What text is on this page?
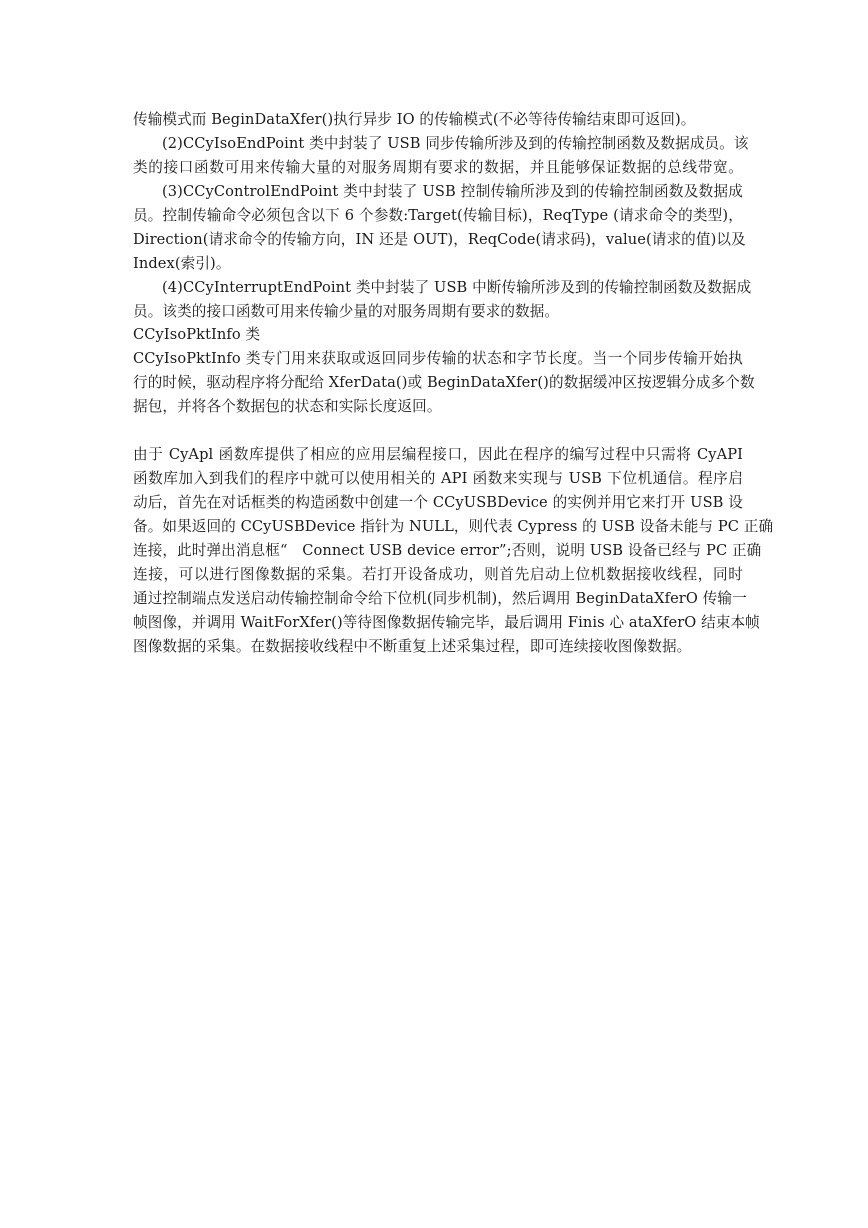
传输模式而 BeginDataXfer()执行异步 IO 的传输模式(不必等待传输结束即可返回)。
(2)CCyIsoEndPoint 类中封装了 USB 同步传输所涉及到的传输控制函数及数据成员。该
类的接口函数可用来传输大量的对服务周期有要求的数据，并且能够保证数据的总线带宽。
(3)CCyControlEndPoint 类中封装了 USB 控制传输所涉及到的传输控制函数及数据成
员。控制传输命令必须包含以下 6 个参数:Target(传输目标)，ReqType (请求命令的类型)，
Direction(请求命令的传输方向，IN 还是 OUT)，ReqCode(请求码)，value(请求的值)以及
Index(索引)。
(4)CCyInterruptEndPoint 类中封装了 USB 中断传输所涉及到的传输控制函数及数据成
员。该类的接口函数可用来传输少量的对服务周期有要求的数据。
CCyIsoPktInfo 类
CCyIsoPktInfo 类专门用来获取或返回同步传输的状态和字节长度。当一个同步传输开始执
行的时候，驱动程序将分配给 XferData()或 BeginDataXfer()的数据缓冲区按逻辑分成多个数
据包，并将各个数据包的状态和实际长度返回。
由于 CyApl 函数库提供了相应的应用层编程接口，因此在程序的编写过程中只需将 CyAPI
函数库加入到我们的程序中就可以使用相关的 API 函数来实现与 USB 下位机通信。程序启
动后，首先在对话框类的构造函数中创建一个 CCyUSBDevice 的实例并用它来打开 USB 设
备。如果返回的 CCyUSBDevice 指针为 NULL，则代表 Cypress 的 USB 设备未能与 PC 正确
连接，此时弹出消息框“　Connect USB device error”;否则，说明 USB 设备已经与 PC 正确
连接，可以进行图像数据的采集。若打开设备成功，则首先启动上位机数据接收线程，同时
通过控制端点发送启动传输控制命令给下位机(同步机制)，然后调用 BeginDataXferO 传输一
帧图像，并调用 WaitForXfer()等待图像数据传输完毕，最后调用 Finis 心 ataXferO 结束本帧
图像数据的采集。在数据接收线程中不断重复上述采集过程，即可连续接收图像数据。
